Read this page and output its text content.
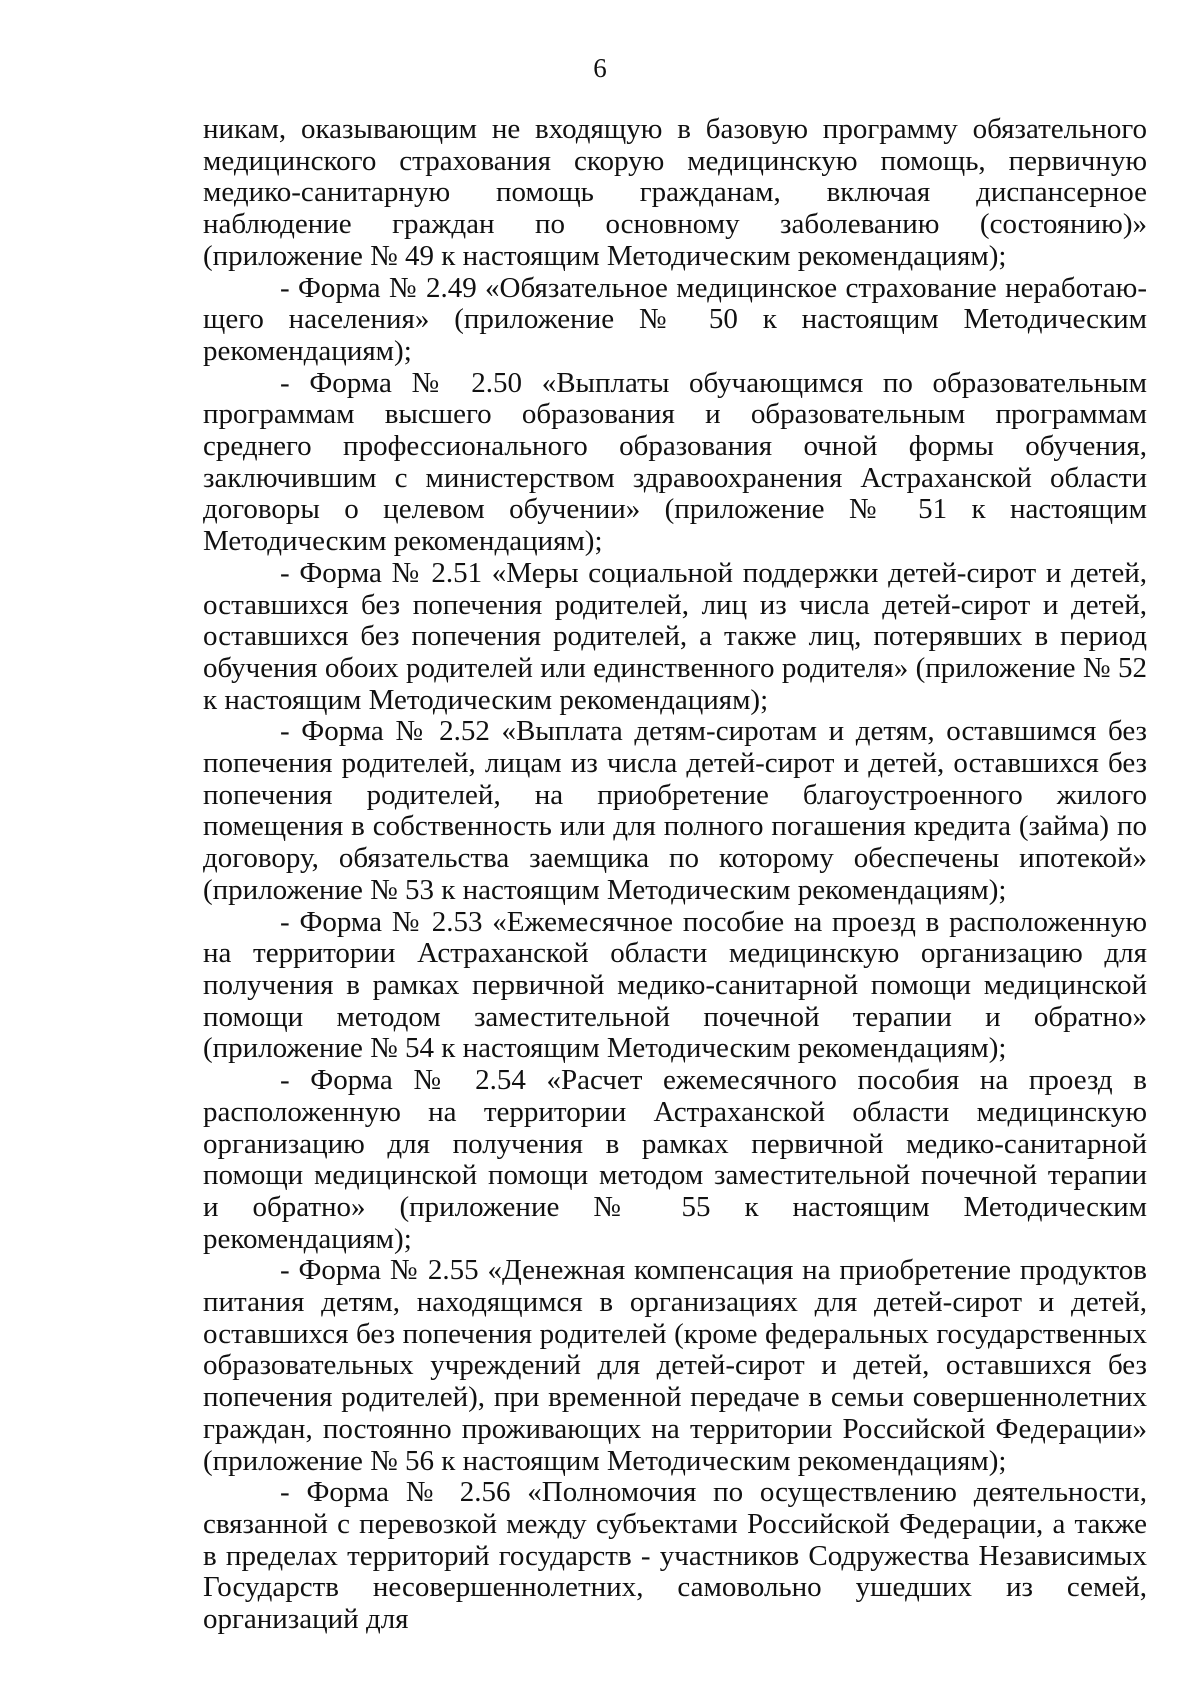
6

никам, оказывающим не входящую в базовую программу обязательного медицинского страхования скорую медицинскую помощь, первичную медико-санитарную помощь гражданам, включая диспансерное наблюдение граждан по основному заболеванию (состоянию)» (приложение № 49 к настоящим Методическим рекомендациям);

- Форма № 2.49 «Обязательное медицинское страхование неработающего населения» (приложение № 50 к настоящим Методическим рекомендациям);

- Форма № 2.50 «Выплаты обучающимся по образовательным программам высшего образования и образовательным программам среднего профессионального образования очной формы обучения, заключившим с министерством здравоохранения Астраханской области договоры о целевом обучении» (приложение № 51 к настоящим Методическим рекомендациям);

- Форма № 2.51 «Меры социальной поддержки детей-сирот и детей, оставшихся без попечения родителей, лиц из числа детей-сирот и детей, оставшихся без попечения родителей, а также лиц, потерявших в период обучения обоих родителей или единственного родителя» (приложение № 52 к настоящим Методическим рекомендациям);

- Форма № 2.52 «Выплата детям-сиротам и детям, оставшимся без попечения родителей, лицам из числа детей-сирот и детей, оставшихся без попечения родителей, на приобретение благоустроенного жилого помещения в собственность или для полного погашения кредита (займа) по договору, обязательства заемщика по которому обеспечены ипотекой» (приложение № 53 к настоящим Методическим рекомендациям);

- Форма № 2.53 «Ежемесячное пособие на проезд в расположенную на территории Астраханской области медицинскую организацию для получения в рамках первичной медико-санитарной помощи медицинской помощи методом заместительной почечной терапии и обратно» (приложение № 54 к настоящим Методическим рекомендациям);

- Форма № 2.54 «Расчет ежемесячного пособия на проезд в расположенную на территории Астраханской области медицинскую организацию для получения в рамках первичной медико-санитарной помощи медицинской помощи методом заместительной почечной терапии и обратно» (приложение № 55 к настоящим Методическим рекомендациям);

- Форма № 2.55 «Денежная компенсация на приобретение продуктов питания детям, находящимся в организациях для детей-сирот и детей, оставшихся без попечения родителей (кроме федеральных государственных образовательных учреждений для детей-сирот и детей, оставшихся без попечения родителей), при временной передаче в семьи совершеннолетних граждан, постоянно проживающих на территории Российской Федерации» (приложение № 56 к настоящим Методическим рекомендациям);

- Форма № 2.56 «Полномочия по осуществлению деятельности, связанной с перевозкой между субъектами Российской Федерации, а также в пределах территорий государств - участников Содружества Независимых Государств несовершеннолетних, самовольно ушедших из семей, организаций для
